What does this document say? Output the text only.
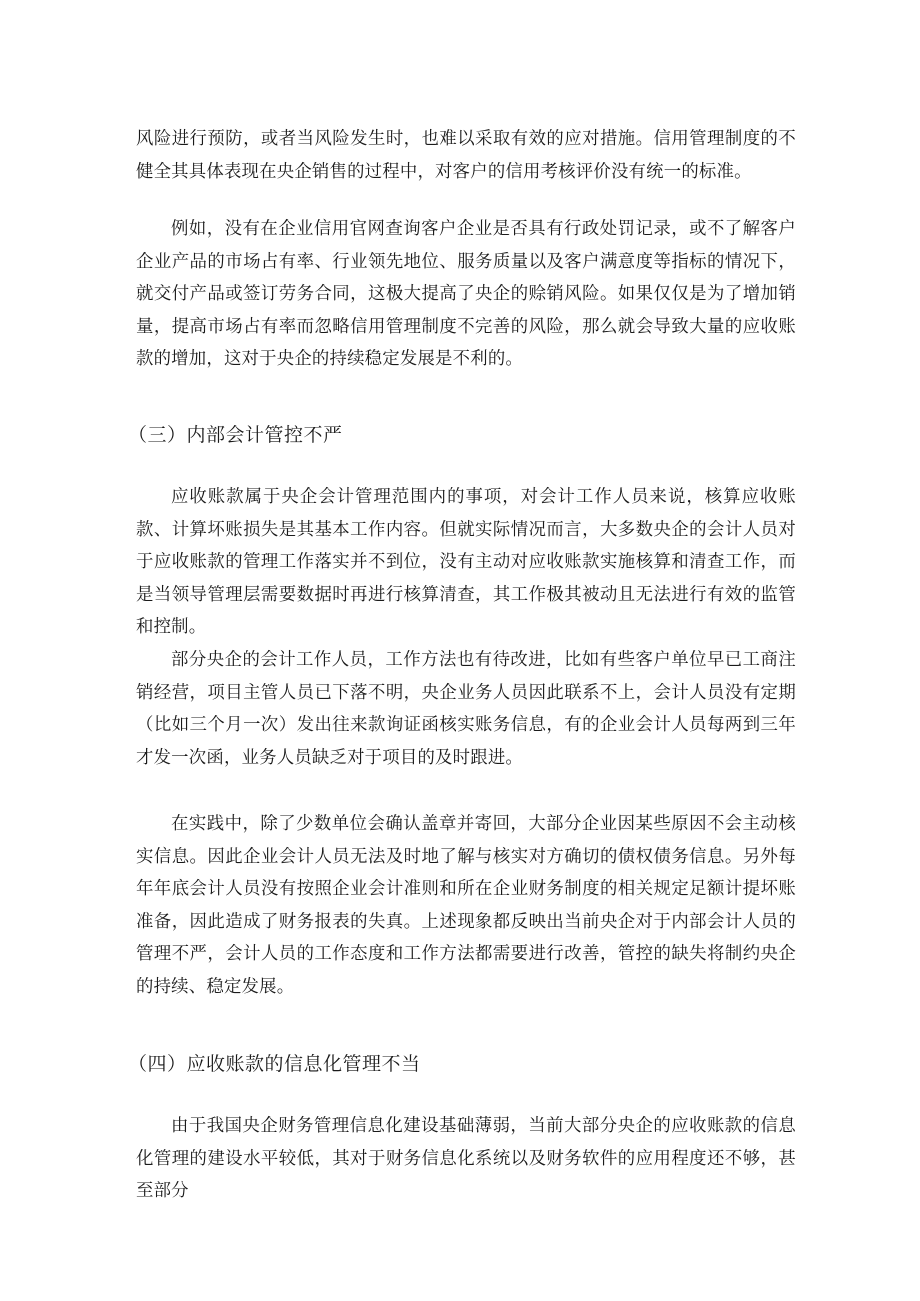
风险进行预防，或者当风险发生时，也难以采取有效的应对措施。信用管理制度的不健全其具体表现在央企销售的过程中，对客户的信用考核评价没有统一的标准。

例如，没有在企业信用官网查询客户企业是否具有行政处罚记录，或不了解客户企业产品的市场占有率、行业领先地位、服务质量以及客户满意度等指标的情况下，就交付产品或签订劳务合同，这极大提高了央企的赊销风险。如果仅仅是为了增加销量，提高市场占有率而忽略信用管理制度不完善的风险，那么就会导致大量的应收账款的增加，这对于央企的持续稳定发展是不利的。

（三）内部会计管控不严

应收账款属于央企会计管理范围内的事项，对会计工作人员来说，核算应收账款、计算坏账损失是其基本工作内容。但就实际情况而言，大多数央企的会计人员对于应收账款的管理工作落实并不到位，没有主动对应收账款实施核算和清查工作，而是当领导管理层需要数据时再进行核算清查，其工作极其被动且无法进行有效的监管和控制。

部分央企的会计工作人员，工作方法也有待改进，比如有些客户单位早已工商注销经营，项目主管人员已下落不明，央企业务人员因此联系不上，会计人员没有定期（比如三个月一次）发出往来款询证函核实账务信息，有的企业会计人员每两到三年才发一次函，业务人员缺乏对于项目的及时跟进。

在实践中，除了少数单位会确认盖章并寄回，大部分企业因某些原因不会主动核实信息。因此企业会计人员无法及时地了解与核实对方确切的债权债务信息。另外每年年底会计人员没有按照企业会计准则和所在企业财务制度的相关规定足额计提坏账准备，因此造成了财务报表的失真。上述现象都反映出当前央企对于内部会计人员的管理不严，会计人员的工作态度和工作方法都需要进行改善，管控的缺失将制约央企的持续、稳定发展。

（四）应收账款的信息化管理不当

由于我国央企财务管理信息化建设基础薄弱，当前大部分央企的应收账款的信息化管理的建设水平较低，其对于财务信息化系统以及财务软件的应用程度还不够，甚至部分
